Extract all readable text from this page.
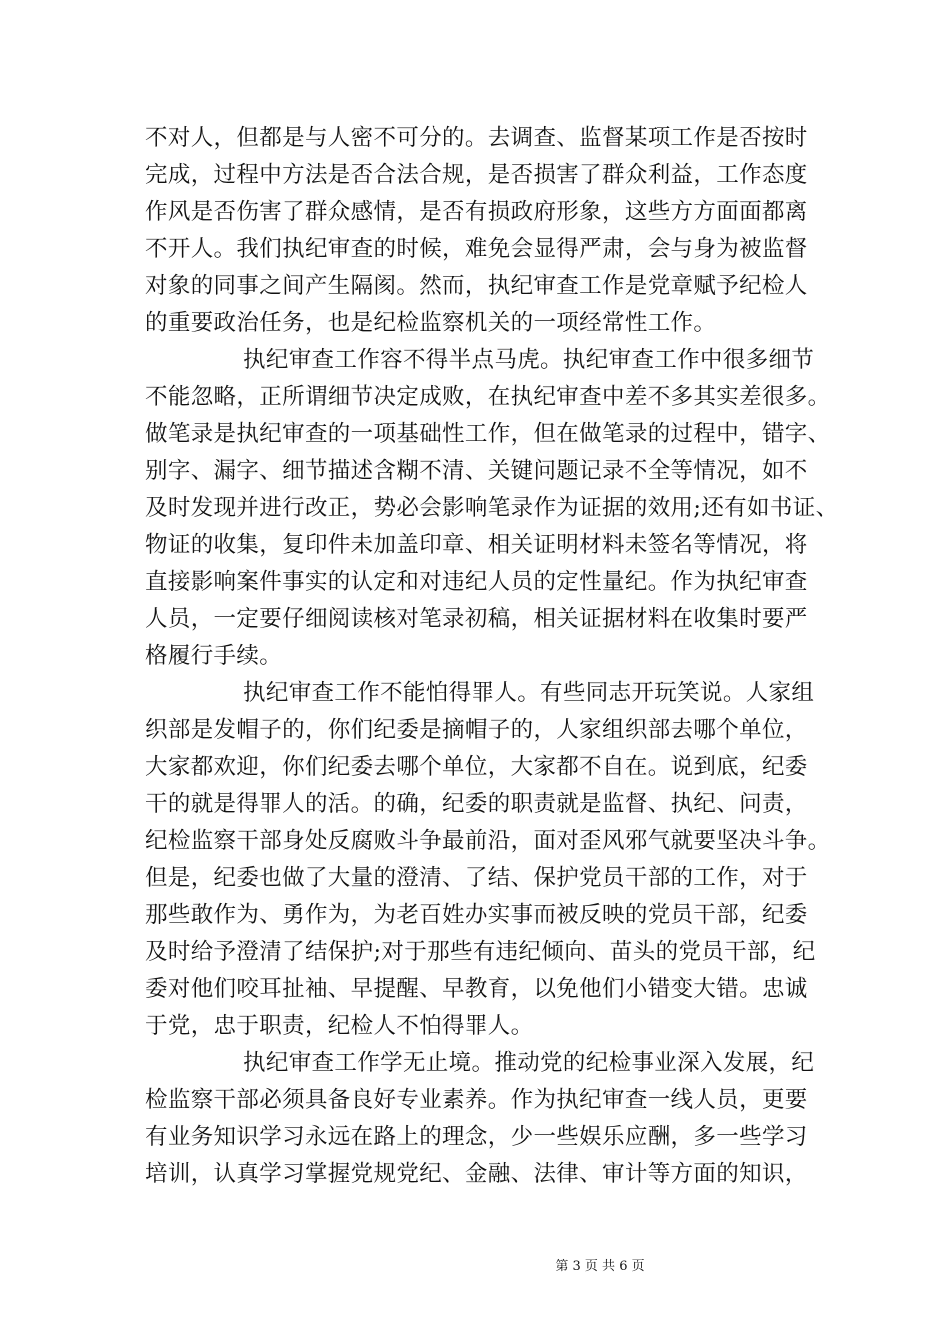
不对人，但都是与人密不可分的。去调查、监督某项工作是否按时
完成，过程中方法是否合法合规，是否损害了群众利益，工作态度
作风是否伤害了群众感情，是否有损政府形象，这些方方面面都离
不开人。我们执纪审查的时候，难免会显得严肃，会与身为被监督
对象的同事之间产生隔阂。然而，执纪审查工作是党章赋予纪检人
的重要政治任务，也是纪检监察机关的一项经常性工作。
执纪审查工作容不得半点马虎。执纪审查工作中很多细节
不能忽略，正所谓细节决定成败，在执纪审查中差不多其实差很多。
做笔录是执纪审查的一项基础性工作，但在做笔录的过程中，错字、
别字、漏字、细节描述含糊不清、关键问题记录不全等情况，如不
及时发现并进行改正，势必会影响笔录作为证据的效用;还有如书证、
物证的收集，复印件未加盖印章、相关证明材料未签名等情况，将
直接影响案件事实的认定和对违纪人员的定性量纪。作为执纪审查
人员，一定要仔细阅读核对笔录初稿，相关证据材料在收集时要严
格履行手续。
执纪审查工作不能怕得罪人。有些同志开玩笑说。人家组
织部是发帽子的，你们纪委是摘帽子的，人家组织部去哪个单位，
大家都欢迎，你们纪委去哪个单位，大家都不自在。说到底，纪委
干的就是得罪人的活。的确，纪委的职责就是监督、执纪、问责，
纪检监察干部身处反腐败斗争最前沿，面对歪风邪气就要坚决斗争。
但是，纪委也做了大量的澄清、了结、保护党员干部的工作，对于
那些敢作为、勇作为，为老百姓办实事而被反映的党员干部，纪委
及时给予澄清了结保护;对于那些有违纪倾向、苗头的党员干部，纪
委对他们咬耳扯袖、早提醒、早教育，以免他们小错变大错。忠诚
于党，忠于职责，纪检人不怕得罪人。
执纪审查工作学无止境。推动党的纪检事业深入发展，纪
检监察干部必须具备良好专业素养。作为执纪审查一线人员，更要
有业务知识学习永远在路上的理念，少一些娱乐应酬，多一些学习
培训，认真学习掌握党规党纪、金融、法律、审计等方面的知识，
第 3 页 共 6 页
